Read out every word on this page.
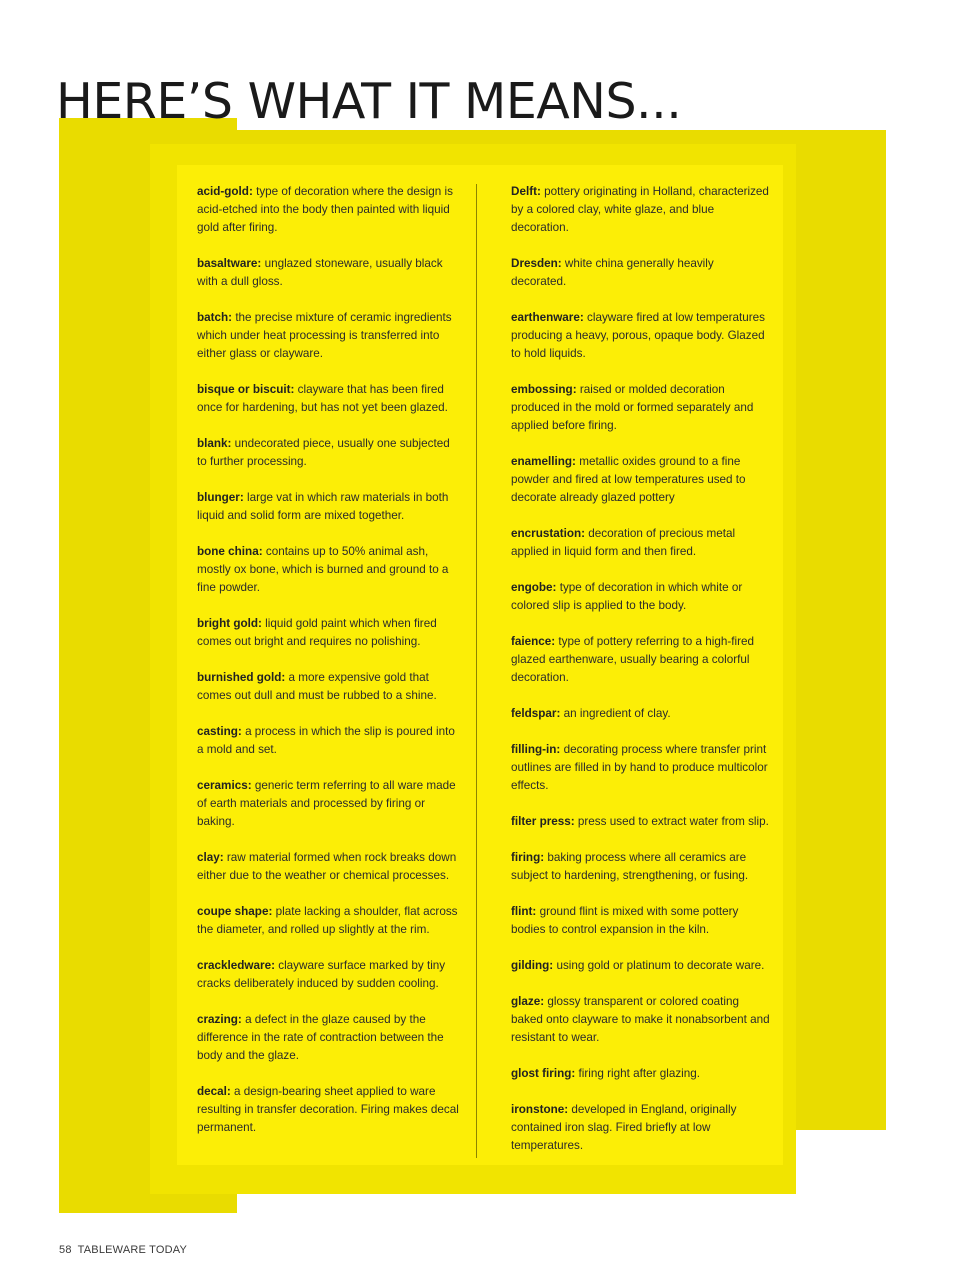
HERE’S WHAT IT MEANS...

acid-gold: type of decoration where the design is acid-etched into the body then painted with liquid gold after firing.

basaltware: unglazed stoneware, usually black with a dull gloss.

batch: the precise mixture of ceramic ingredients which under heat processing is transferred into either glass or clayware.

bisque or biscuit: clayware that has been fired once for hardening, but has not yet been glazed.

blank: undecorated piece, usually one subjected to further processing.

blunger: large vat in which raw materials in both liquid and solid form are mixed together.

bone china: contains up to 50% animal ash, mostly ox bone, which is burned and ground to a fine powder.

bright gold: liquid gold paint which when fired comes out bright and requires no polishing.

burnished gold: a more expensive gold that comes out dull and must be rubbed to a shine.

casting: a process in which the slip is poured into a mold and set.

ceramics: generic term referring to all ware made of earth materials and processed by firing or baking.

clay: raw material formed when rock breaks down either due to the weather or chemical processes.

coupe shape: plate lacking a shoulder, flat across the diameter, and rolled up slightly at the rim.

crackledware: clayware surface marked by tiny cracks deliberately induced by sudden cooling.

crazing: a defect in the glaze caused by the difference in the rate of contraction between the body and the glaze.

decal: a design-bearing sheet applied to ware resulting in transfer decoration. Firing makes decal permanent.

Delft: pottery originating in Holland, characterized by a colored clay, white glaze, and blue decoration.

Dresden: white china generally heavily decorated.

earthenware: clayware fired at low temperatures producing a heavy, porous, opaque body. Glazed to hold liquids.

embossing: raised or molded decoration produced in the mold or formed separately and applied before firing.

enamelling: metallic oxides ground to a fine powder and fired at low temperatures used to decorate already glazed pottery

encrustation: decoration of precious metal applied in liquid form and then fired.

engobe: type of decoration in which white or colored slip is applied to the body.

faience: type of pottery referring to a high-fired glazed earthenware, usually bearing a colorful decoration.

feldspar: an ingredient of clay.

filling-in: decorating process where transfer print outlines are filled in by hand to produce multicolor effects.

filter press: press used to extract water from slip.

firing: baking process where all ceramics are subject to hardening, strengthening, or fusing.

flint: ground flint is mixed with some pottery bodies to control expansion in the kiln.

gilding: using gold or platinum to decorate ware.

glaze: glossy transparent or colored coating baked onto clayware to make it nonabsorbent and resistant to wear.

glost firing: firing right after glazing.

ironstone: developed in England, originally contained iron slag. Fired briefly at low temperatures.

58 TABLEWARE TODAY
